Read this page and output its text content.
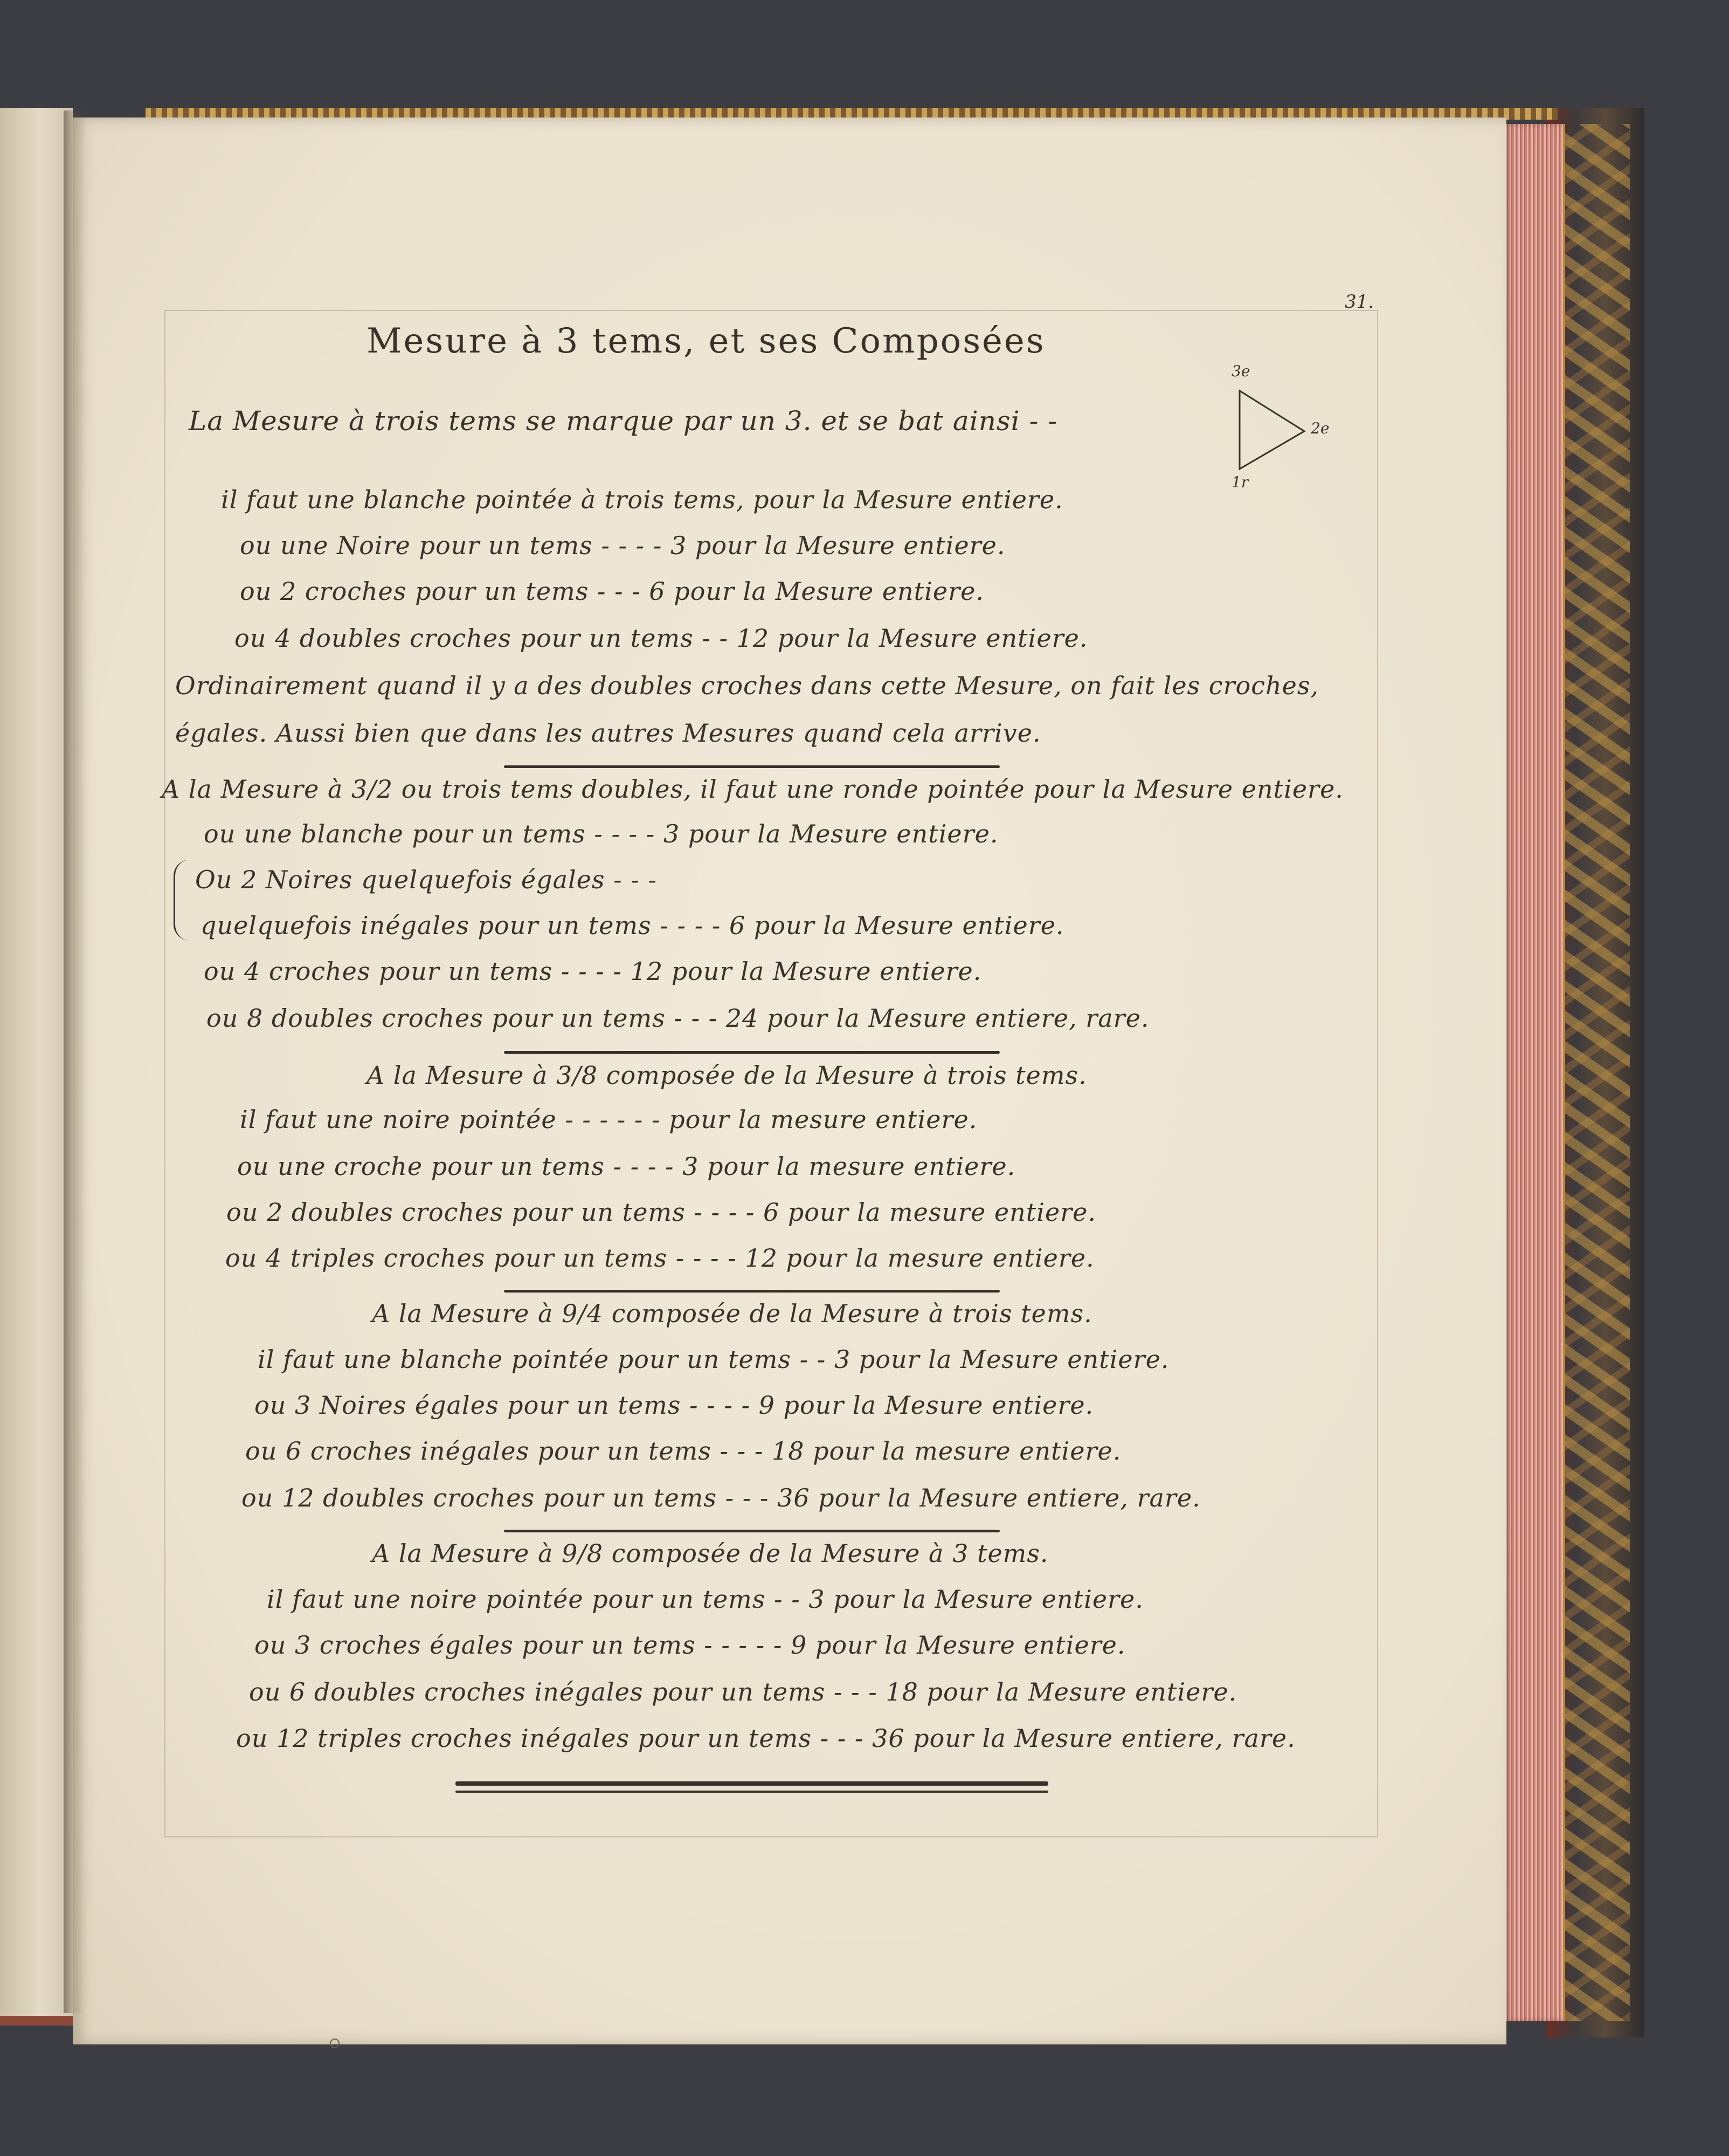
31.
Mesure à 3 tems, et ses Composées
La Mesure à trois tems se marque par un 3. et se bat ainsi - -
3e
2e
1r
il faut une blanche pointée à trois tems, pour la Mesure entiere.
ou une Noire pour un tems - - - - 3 pour la Mesure entiere.
ou 2 croches pour un tems - - - 6 pour la Mesure entiere.
ou 4 doubles croches pour un tems - - 12 pour la Mesure entiere.
Ordinairement quand il y a des doubles croches dans cette Mesure, on fait les croches,
égales. Aussi bien que dans les autres Mesures quand cela arrive.
A la Mesure à 3/2 ou trois tems doubles, il faut une ronde pointée pour la Mesure entiere.
ou une blanche pour un tems - - - - 3 pour la Mesure entiere.
Ou 2 Noires quelquefois égales - - -
quelquefois inégales pour un tems - - - - 6 pour la Mesure entiere.
ou 4 croches pour un tems - - - - 12 pour la Mesure entiere.
ou 8 doubles croches pour un tems - - - 24 pour la Mesure entiere, rare.
A la Mesure à 3/8 composée de la Mesure à trois tems.
il faut une noire pointée - - - - - - pour la mesure entiere.
ou une croche pour un tems - - - - 3 pour la mesure entiere.
ou 2 doubles croches pour un tems - - - - 6 pour la mesure entiere.
ou 4 triples croches pour un tems - - - - 12 pour la mesure entiere.
A la Mesure à 9/4 composée de la Mesure à trois tems.
il faut une blanche pointée pour un tems - - 3 pour la Mesure entiere.
ou 3 Noires égales pour un tems - - - - 9 pour la Mesure entiere.
ou 6 croches inégales pour un tems - - - 18 pour la mesure entiere.
ou 12 doubles croches pour un tems - - - 36 pour la Mesure entiere, rare.
A la Mesure à 9/8 composée de la Mesure à 3 tems.
il faut une noire pointée pour un tems - - 3 pour la Mesure entiere.
ou 3 croches égales pour un tems - - - - - 9 pour la Mesure entiere.
ou 6 doubles croches inégales pour un tems - - - 18 pour la Mesure entiere.
ou 12 triples croches inégales pour un tems - - - 36 pour la Mesure entiere, rare.
